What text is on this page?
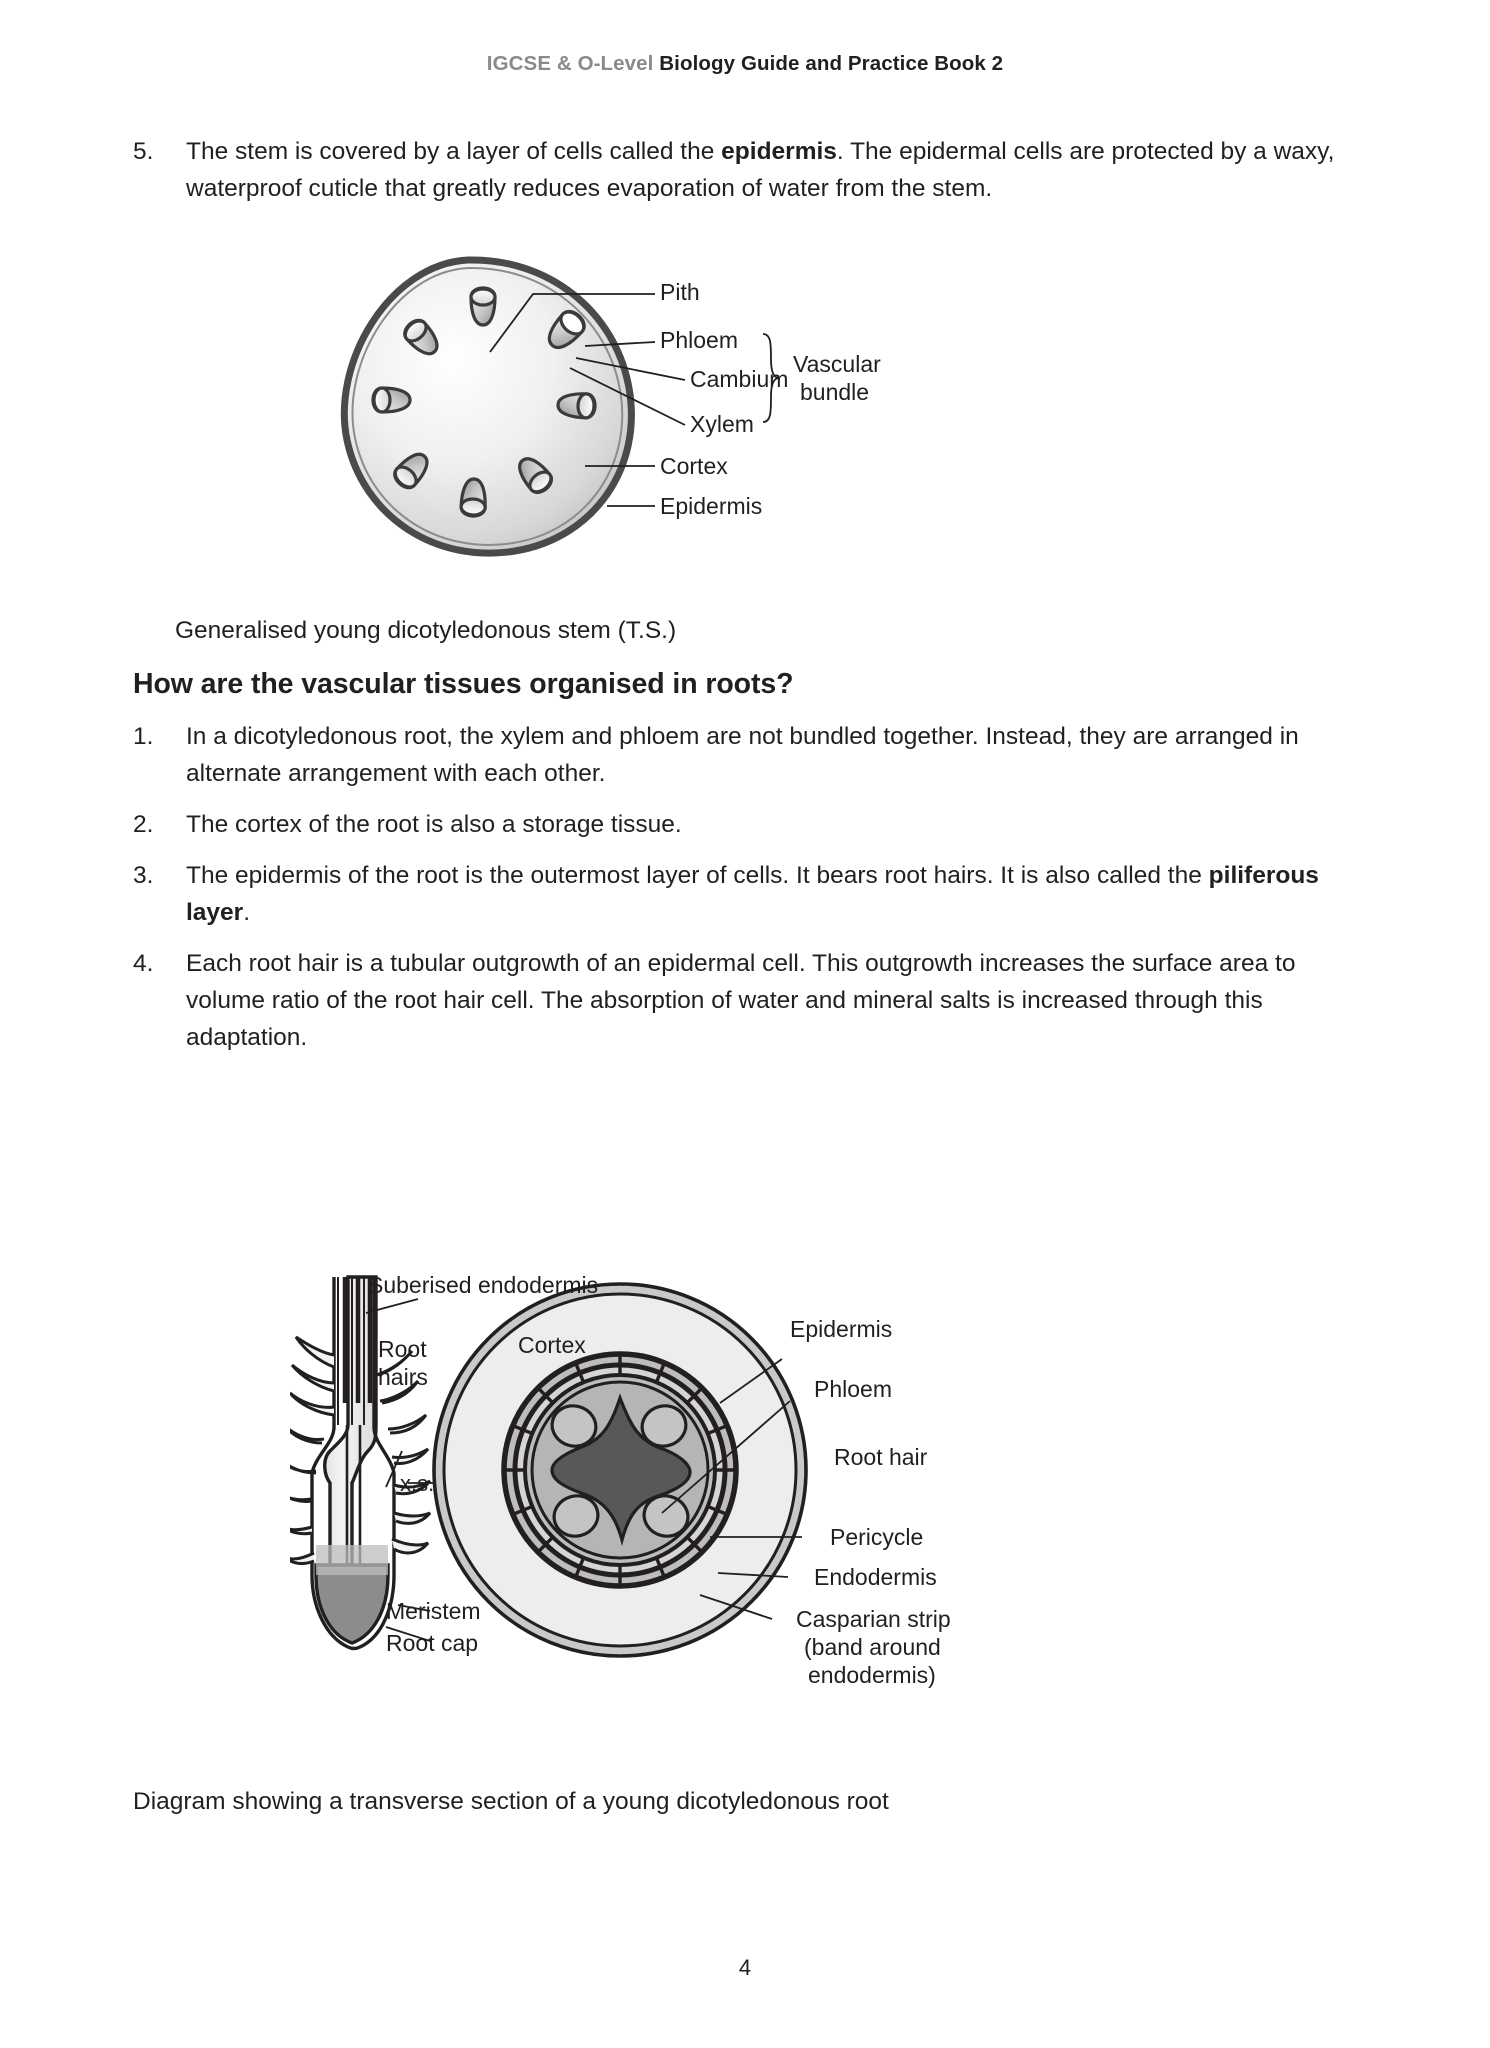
IGCSE & O-Level Biology Guide and Practice Book 2
5.	The stem is covered by a layer of cells called the epidermis. The epidermal cells are protected by a waxy, waterproof cuticle that greatly reduces evaporation of water from the stem.
Pith
Phloem
Cambium
Xylem
Cortex
Epidermis
Vascular
bundle
Generalised young dicotyledonous stem (T.S.)
How are the vascular tissues organised in roots?
1.	In a dicotyledonous root, the xylem and phloem are not bundled together. Instead, they are arranged in alternate arrangement with each other.
2.	The cortex of the root is also a storage tissue.
3.	The epidermis of the root is the outermost layer of cells. It bears root hairs. It is also called the piliferous layer.
4.	Each root hair is a tubular outgrowth of an epidermal cell. This outgrowth increases the surface area to volume ratio of the root hair cell. The absorption of water and mineral salts is increased through this adaptation.
Suberised endodermis
Root
hairs
Cortex
x.s.
Meristem
Root cap
Epidermis
Phloem
Root hair
Pericycle
Endodermis
Casparian strip
(band around
endodermis)
Diagram showing a transverse section of a young dicotyledonous root
4
